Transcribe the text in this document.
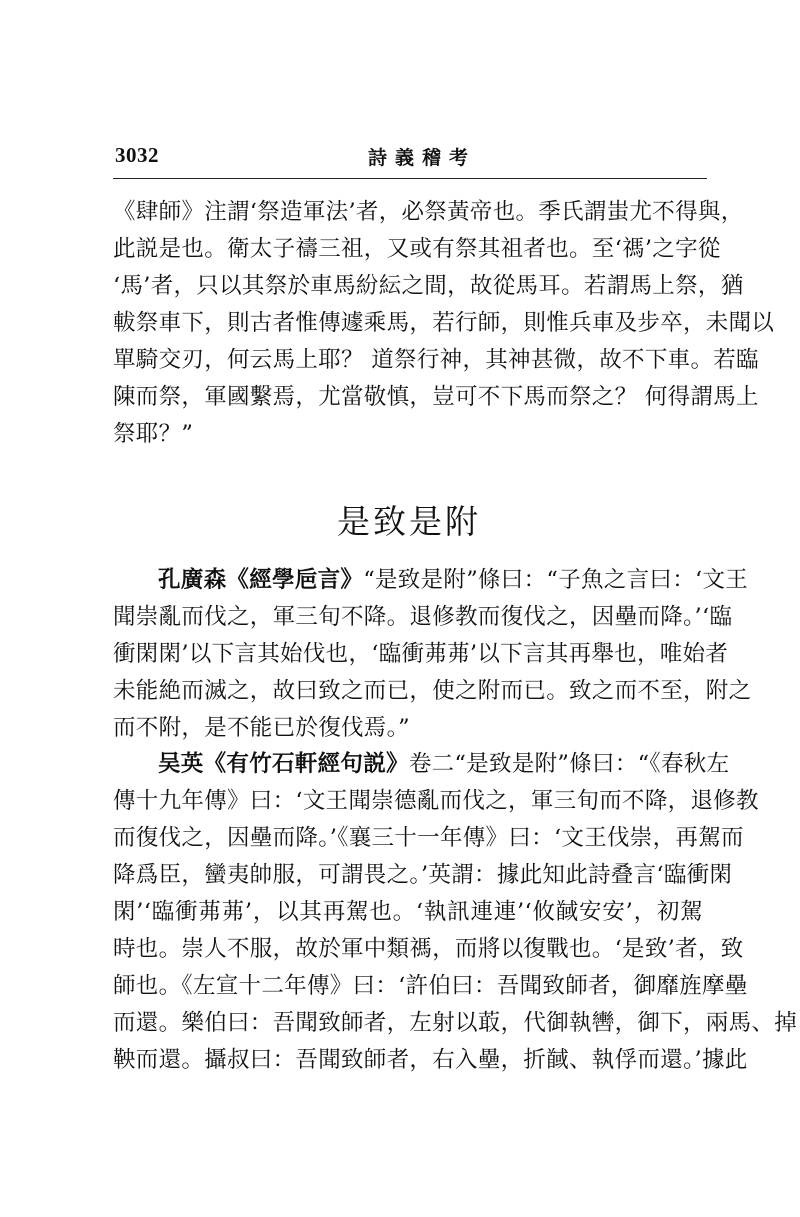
3032	詩義稽考
《肆師》注謂‘祭造軍法’者，必祭黃帝也。季氏謂蚩尤不得與，
此説是也。衛太子禱三祖，又或有祭其祖者也。至‘禡’之字從
‘馬’者，只以其祭於車馬紛紜之間，故從馬耳。若謂馬上祭，猶
軷祭車下，則古者惟傳遽乘馬，若行師，則惟兵車及步卒，未聞以
單騎交刃，何云馬上耶？ 道祭行神，其神甚微，故不下車。若臨
陳而祭，軍國繫焉，尤當敬慎，豈可不下馬而祭之？ 何得謂馬上
祭耶？”
是致是附
孔廣森《經學巵言》“是致是附”條曰：“子魚之言曰：‘文王
聞崇亂而伐之，軍三旬不降。退修教而復伐之，因壘而降。’‘臨
衝閑閑’以下言其始伐也，‘臨衝茀茀’以下言其再舉也，唯始者
未能絶而滅之，故曰致之而已，使之附而已。致之而不至，附之
而不附，是不能已於復伐焉。”
吴英《有竹石軒經句説》卷二“是致是附”條曰：“《春秋左
傳十九年傳》曰：‘文王聞崇德亂而伐之，軍三旬而不降，退修教
而復伐之，因壘而降。’《襄三十一年傳》曰：‘文王伐崇，再駕而
降爲臣，蠻夷帥服，可謂畏之。’英謂：據此知此詩叠言‘臨衝閑
閑’‘臨衝茀茀’，以其再駕也。‘執訊連連’‘攸馘安安’，初駕
時也。崇人不服，故於軍中類禡，而將以復戰也。‘是致’者，致
師也。《左宣十二年傳》曰：‘許伯曰：吾聞致師者，御靡旌摩壘
而還。樂伯曰：吾聞致師者，左射以菆，代御執轡，御下，兩馬、掉
鞅而還。攝叔曰：吾聞致師者，右入壘，折馘、執俘而還。’據此
